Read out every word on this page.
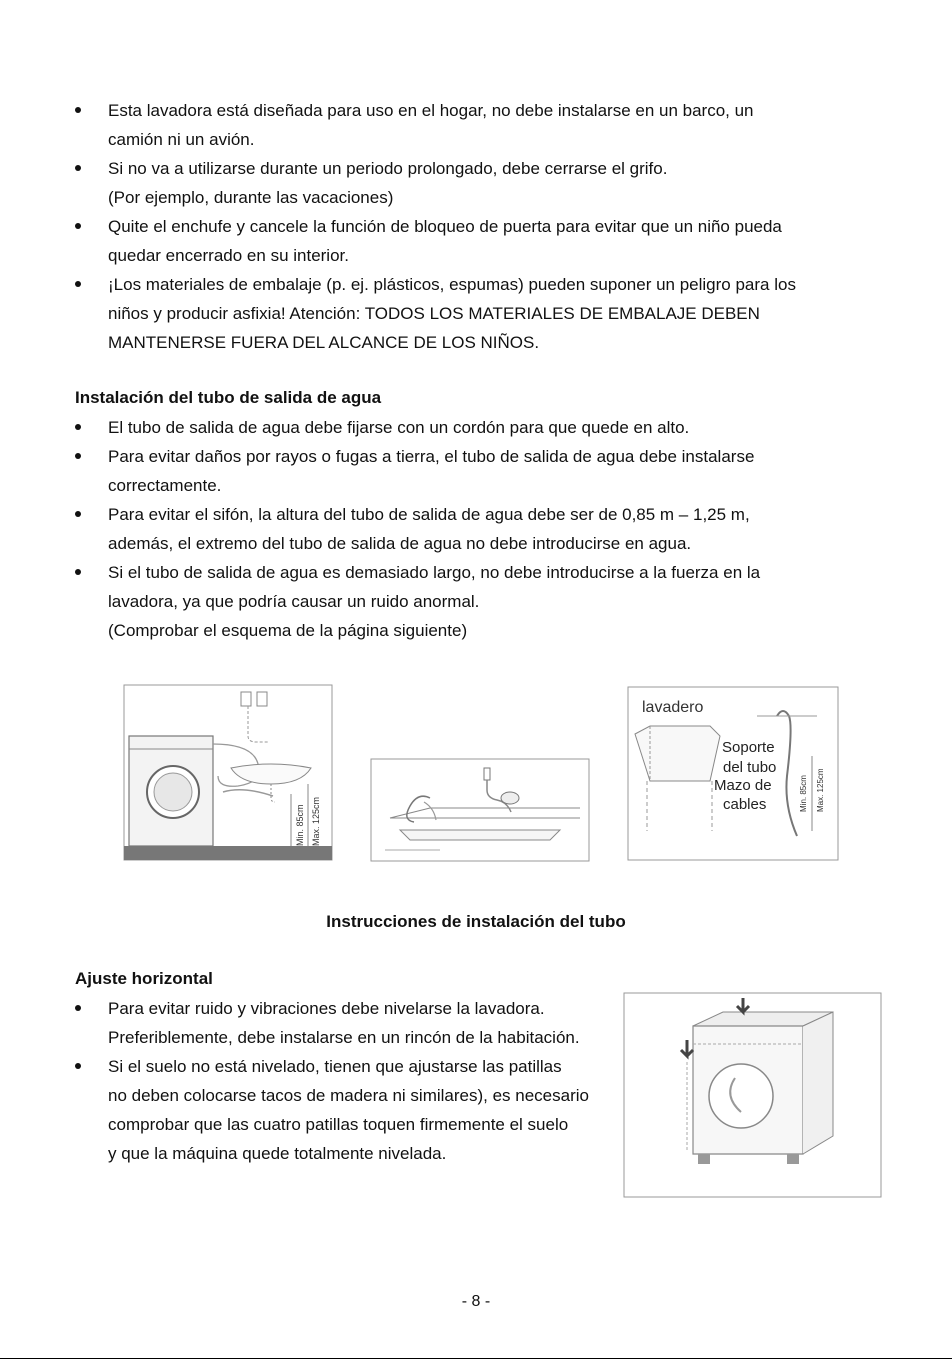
Esta lavadora está diseñada para uso en el hogar, no debe instalarse en un barco, un
camión ni un avión.
Si no va a utilizarse durante un periodo prolongado, debe cerrarse el grifo.
(Por ejemplo, durante las vacaciones)
Quite el enchufe y cancele la función de bloqueo de puerta para evitar que un niño pueda
quedar encerrado en su interior.
¡Los materiales de embalaje (p. ej. plásticos, espumas) pueden suponer un peligro para los
niños y producir asfixia! Atención: TODOS LOS MATERIALES DE EMBALAJE DEBEN
MANTENERSE FUERA DEL ALCANCE DE LOS NIÑOS.
Instalación del tubo de salida de agua
El tubo de salida de agua debe fijarse con un cordón para que quede en alto.
Para evitar daños por rayos o fugas a tierra, el tubo de salida de agua debe instalarse
correctamente.
Para evitar el sifón, la altura del tubo de salida de agua debe ser de 0,85 m – 1,25 m,
además, el extremo del tubo de salida de agua no debe introducirse en agua.
Si el tubo de salida de agua es demasiado largo, no debe introducirse a la fuerza en la
lavadora, ya que podría causar un ruido anormal.
(Comprobar el esquema de la página siguiente)
Min. 85cm Max. 125cm
lavadero
Soporte
del tubo
Mazo de
cables	Min. 85cm Max. 125cm
Instrucciones de instalación del tubo
Ajuste horizontal
Para evitar ruido y vibraciones debe nivelarse la lavadora.
Preferiblemente, debe instalarse en un rincón de la habitación.
Si el suelo no está nivelado, tienen que ajustarse las patillas
no deben colocarse tacos de madera ni similares), es necesario
comprobar que las cuatro patillas toquen firmemente el suelo
y que la máquina quede totalmente nivelada.
- 8 -
